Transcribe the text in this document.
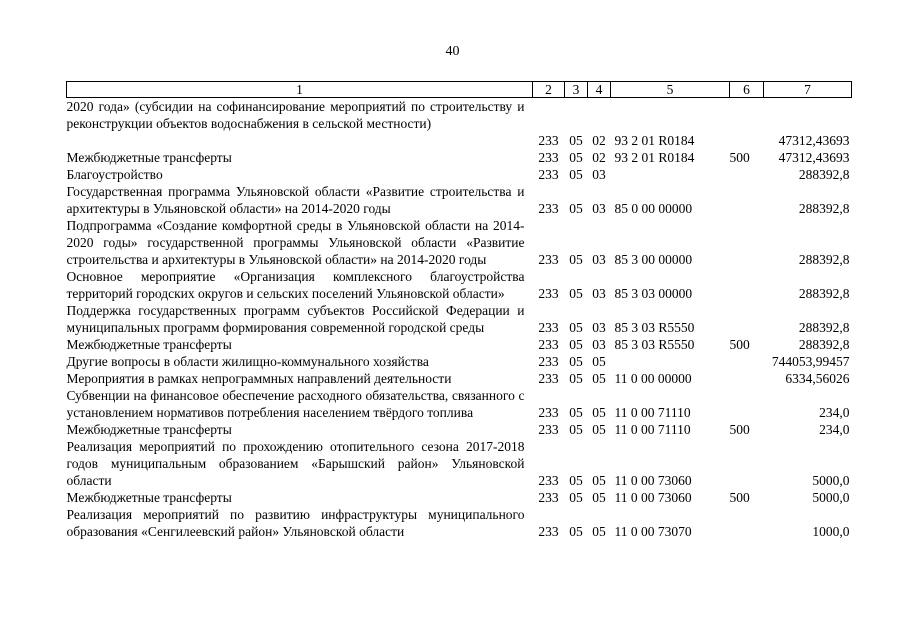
40
1	2	3	4	5	6	7
2020 года» (субсидии на софинансирование мероприятий по строительству и реконструкции объектов водоснабжения в сельской местности)						
	233	05	02	93 2 01 R0184		47312,43693
Межбюджетные трансферты	233	05	02	93 2 01 R0184	500	47312,43693
Благоустройство	233	05	03			288392,8
Государственная программа Ульяновской области «Развитие строительства и архитектуры в Ульяновской области» на 2014-2020 годы	233	05	03	85 0 00 00000		288392,8
Подпрограмма «Создание комфортной среды в Ульяновской области на 2014-2020 годы» государственной программы Ульяновской области «Развитие строительства и архитектуры в Ульяновской области» на 2014-2020 годы	233	05	03	85 3 00 00000		288392,8
Основное мероприятие «Организация комплексного благоустройства территорий городских округов и сельских поселений Ульяновской области»	233	05	03	85 3 03 00000		288392,8
Поддержка государственных программ субъектов Российской Федерации и муниципальных программ формирования современной городской среды	233	05	03	85 3 03 R5550		288392,8
Межбюджетные трансферты	233	05	03	85 3 03 R5550	500	288392,8
Другие вопросы в области жилищно-коммунального хозяйства	233	05	05			744053,99457
Мероприятия в рамках непрограммных направлений деятельности	233	05	05	11 0 00 00000		6334,56026
Субвенции на финансовое обеспечение расходного обязательства, связанного с установлением нормативов потребления населением твёрдого топлива	233	05	05	11 0 00 71110		234,0
Межбюджетные трансферты	233	05	05	11 0 00 71110	500	234,0
Реализация мероприятий по прохождению отопительного сезона 2017-2018 годов муниципальным образованием «Барышский район» Ульяновской области	233	05	05	11 0 00 73060		5000,0
Межбюджетные трансферты	233	05	05	11 0 00 73060	500	5000,0
Реализация мероприятий по развитию инфраструктуры муниципального образования «Сенгилеевский район» Ульяновской области	233	05	05	11 0 00 73070		1000,0
